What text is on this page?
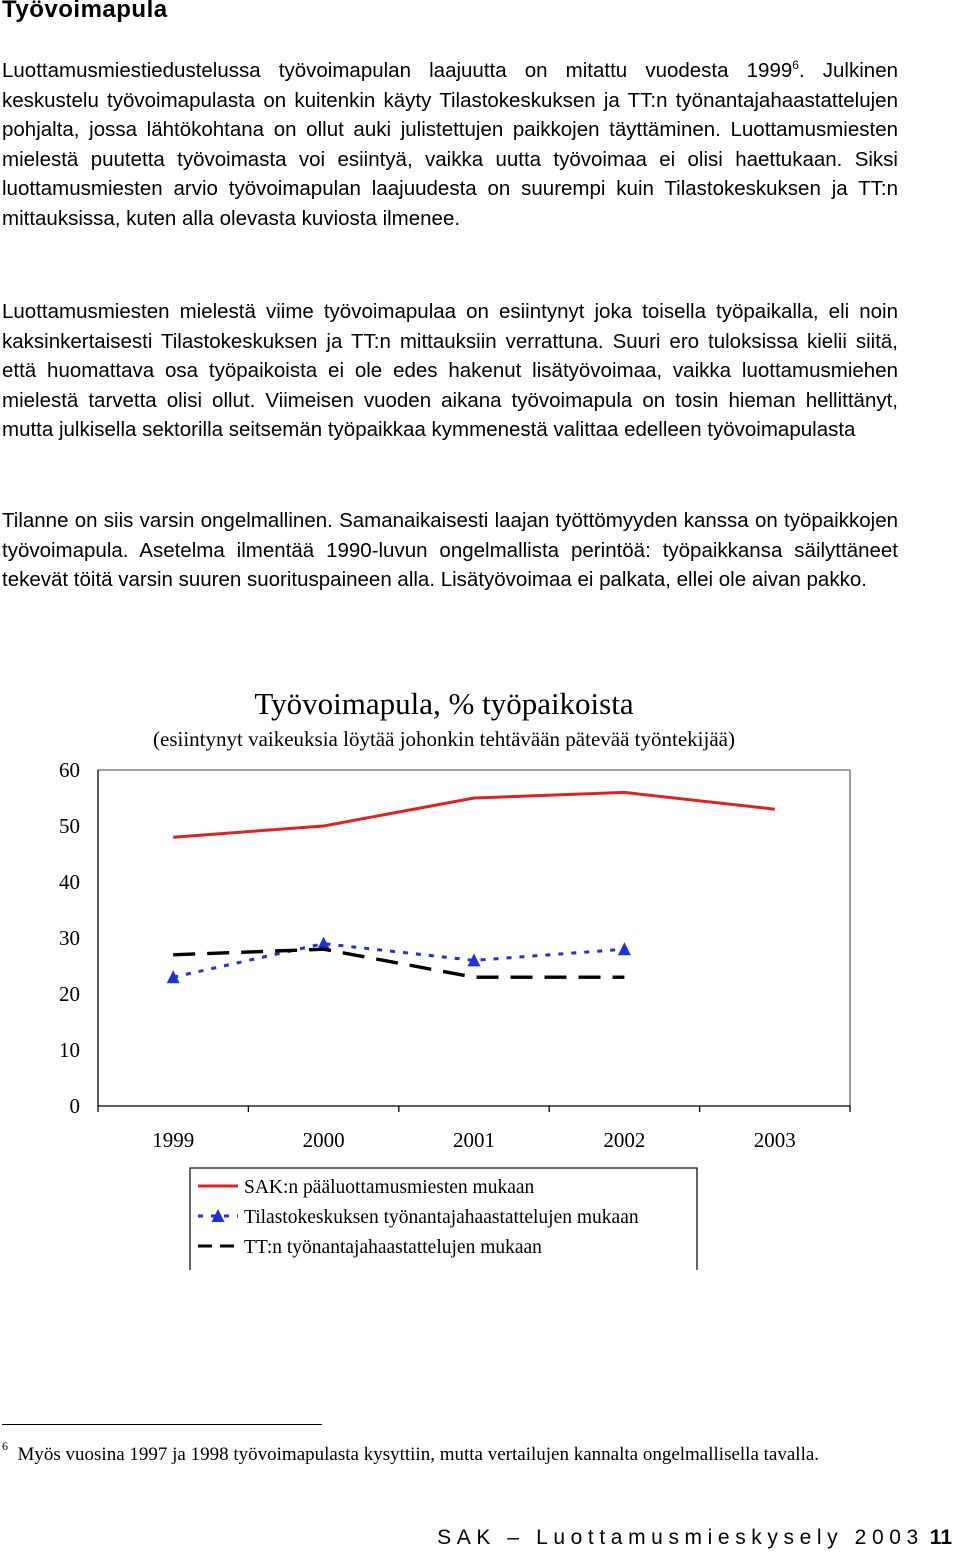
Työvoimapula

Luottamusmiestiedustelussa työvoimapulan laajuutta on mitattu vuodesta 1999$^6$. Julkinen keskustelu työvoimapulasta on kuitenkin käyty Tilastokeskuksen ja TT:n työnantajahaastattelujen pohjalta, jossa lähtökohtana on ollut auki julistettujen paikkojen täyttäminen. Luottamusmiesten mielestä puutetta työvoimasta voi esiintyä, vaikka uutta työvoimaa ei olisi haettukaan. Siksi luottamusmiesten arvio työvoimapulan laajuudesta on suurempi kuin Tilastokeskuksen ja TT:n mittauksissa, kuten alla olevasta kuviosta ilmenee.

Luottamusmiesten mielestä viime työvoimapulaa on esiintynyt joka toisella työpaikalla, eli noin kaksinkertaisesti Tilastokeskuksen ja TT:n mittauksiin verrattuna. Suuri ero tuloksissa kielii siitä, että huomattava osa työpaikoista ei ole edes hakenut lisätyövoimaa, vaikka luottamusmiehen mielestä tarvetta olisi ollut. Viimeisen vuoden aikana työvoimapula on tosin hieman hellittänyt, mutta julkisella sektorilla seitsemän työpaikkaa kymmenestä valittaa edelleen työvoimapulasta

Tilanne on siis varsin ongelmallinen. Samanaikaisesti laajan työttömyyden kanssa on työpaikkojen työvoimapula. Asetelma ilmentää 1990-luvun ongelmallista perintöä: työpaikkansa säilyttäneet tekevät töitä varsin suuren suorituspaineen alla. Lisätyövoimaa ei palkata, ellei ole aivan pakko.

Työvoimapula, % työpaikoista
(esiintynyt vaikeuksia löytää johonkin tehtävään pätevää työntekijää)
0
10
20
30
40
50
60
1999	2000	2001	2002	2003
SAK:n pääluottamusmiesten mukaan
Tilastokeskuksen työnantajahaastattelujen mukaan
TT:n työnantajahaastattelujen mukaan

$^6$ Myös vuosina 1997 ja 1998 työvoimapulasta kysyttiin, mutta vertailujen kannalta ongelmallisella tavalla.

SAK – Luottamusmieskysely 2003 11
